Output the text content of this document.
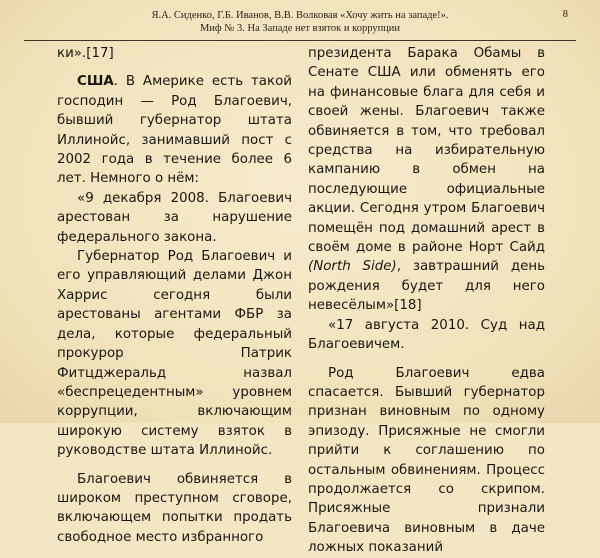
Я.А. Сиденко, Г.Б. Иванов, В.В. Волковая «Хочу жить на западе!».
Миф № 3. На Западе нет взяток и коррупции
8

ки».[17]

США. В Америке есть такой господин — Род Благоевич, бывший губернатор штата Иллинойс, занимавший пост с 2002 года в течение более 6 лет. Немного о нём:

«9 декабря 2008. Благоевич арестован за нарушение федерального закона.

Губернатор Род Благоевич и его управляющий делами Джон Харрис сегодня были арестованы агентами ФБР за дела, которые федеральный прокурор Патрик Фитцджеральд назвал «беспрецедентным» уровнем коррупции, включающим широкую систему взяток в руководстве штата Иллинойс.

Благоевич обвиняется в широком преступном сговоре, включающем попытки продать свободное место избранного

президента Барака Обамы в Сенате США или обменять его на финансовые блага для себя и своей жены. Благоевич также обвиняется в том, что требовал средства на избирательную кампанию в обмен на последующие официальные акции. Сегодня утром Благоевич помещён под домашний арест в своём доме в районе Норт Сайд (North Side), завтрашний день рождения будет для него невесёлым»[18]

«17 августа 2010. Суд над Благоевичем.

Род Благоевич едва спасается. Бывший губернатор признан виновным по одному эпизоду. Присяжные не смогли прийти к соглашению по остальным обвинениям. Процесс продолжается со скрипом. Присяжные признали Благоевича виновным в даче ложных показаний
